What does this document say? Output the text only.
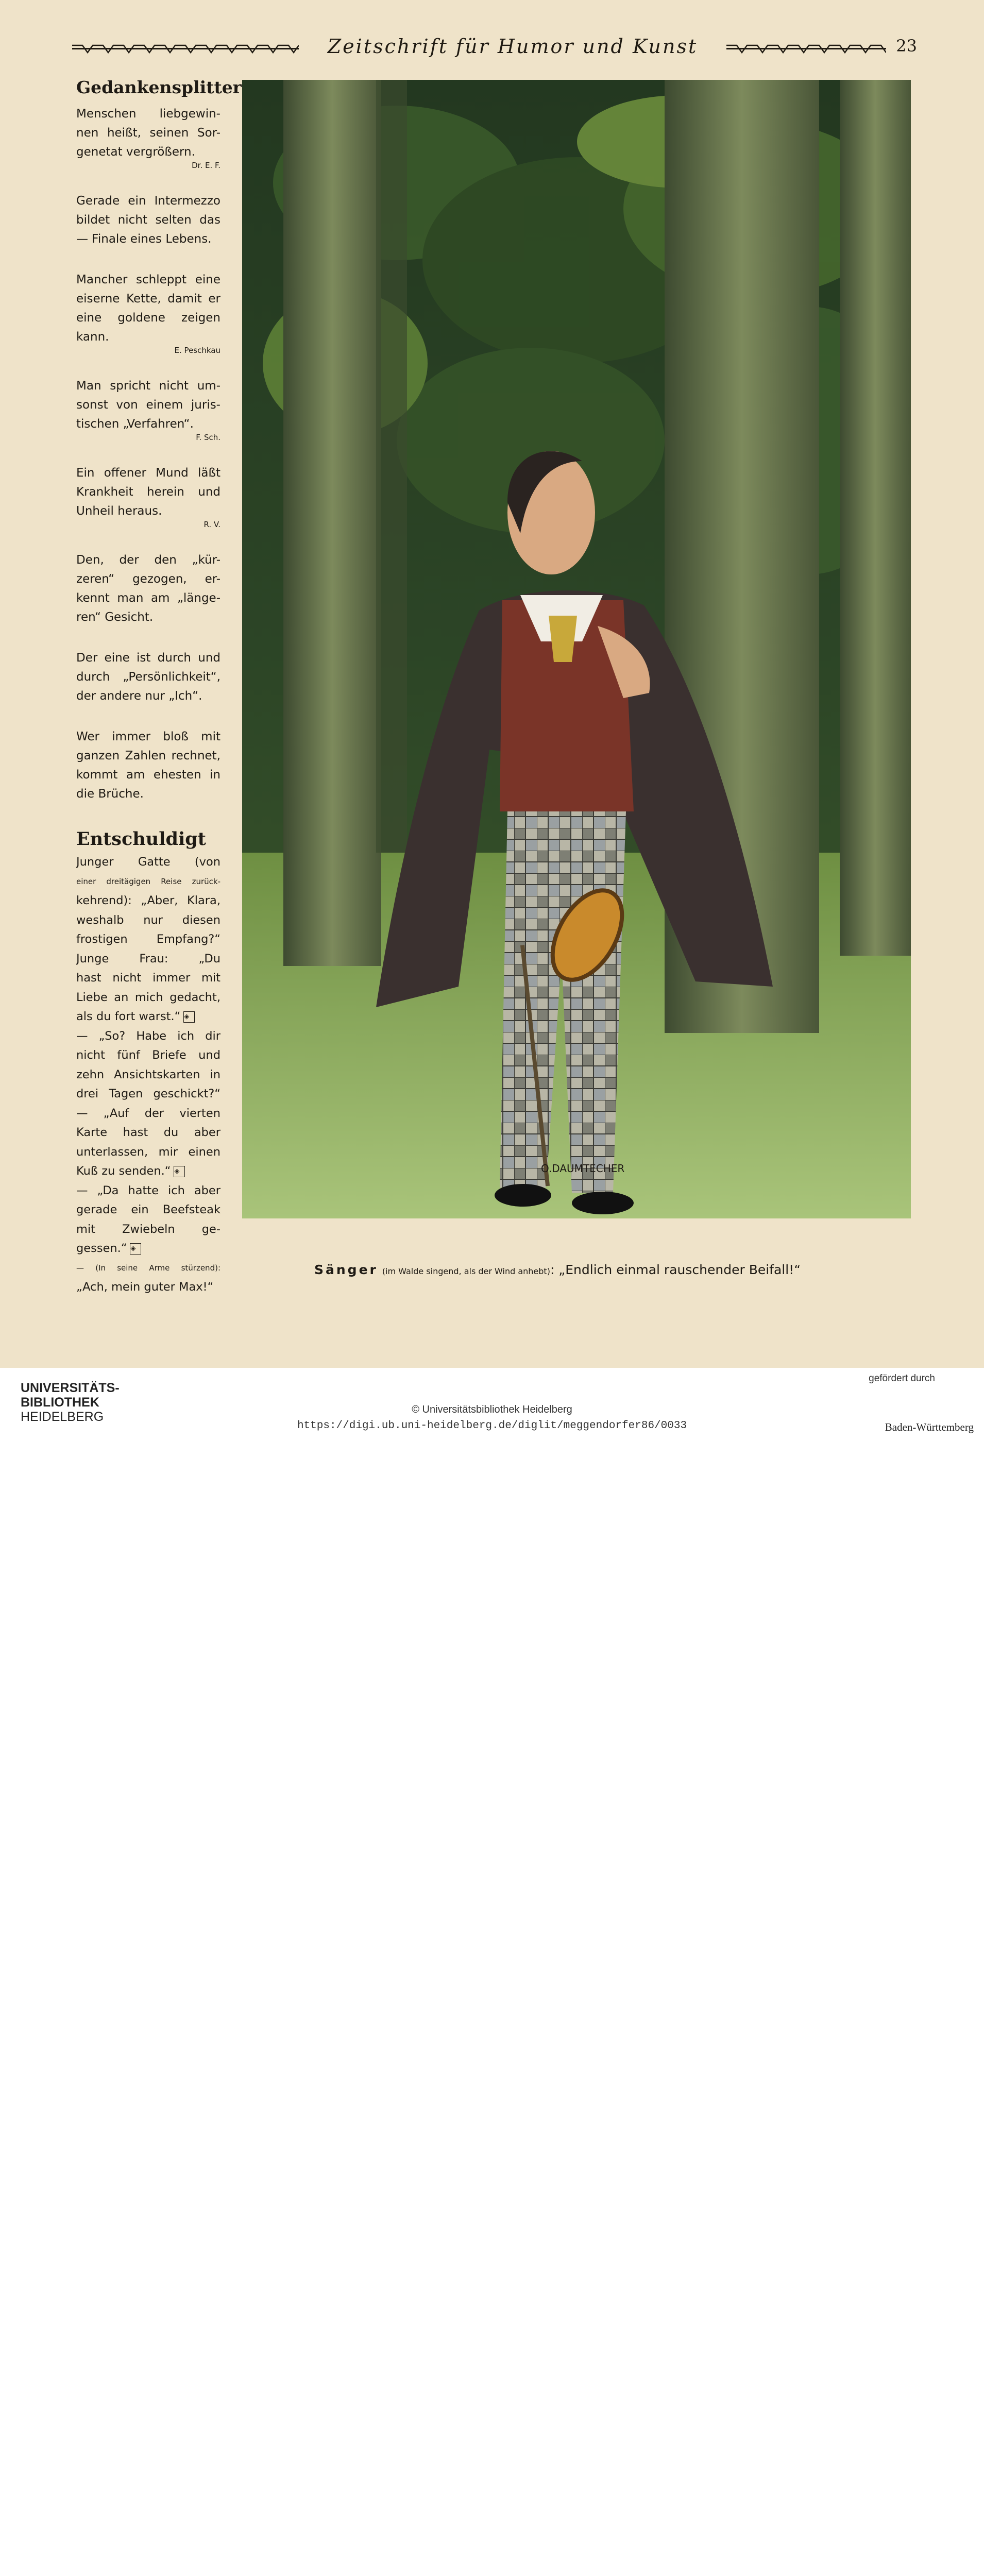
Zeitschrift für Humor und Kunst	23
Gedankensplitter
Menschen liebgewin-
nen heißt, seinen Sor-
genetat vergrößern.
Dr. E. F.
Gerade ein Intermezzo
bildet nicht selten das
— Finale eines Lebens.
Mancher schleppt eine
eiserne Kette, damit er
eine goldene zeigen
kann.
E. Peschkau
Man spricht nicht um-
sonst von einem juris-
tischen „Verfahren“.
F. Sch.
Ein offener Mund läßt
Krankheit herein und
Unheil heraus.
R. V.
Den, der den „kür-
zeren“ gezogen, er-
kennt man am „länge-
ren“ Gesicht.
Der eine ist durch und
durch „Persönlichkeit“,
der andere nur „Ich“.
Wer immer bloß mit
ganzen Zahlen rechnet,
kommt am ehesten in
die Brüche.
Entschuldigt
Junger Gatte (von
einer dreitägigen Reise zurück-
kehrend): „Aber, Klara,
weshalb nur diesen
frostigen Empfang?“
Junge Frau: „Du
hast nicht immer mit
Liebe an mich gedacht,
als du fort warst.“ ◈
— „So? Habe ich dir
nicht fünf Briefe und
zehn Ansichtskarten in
drei Tagen geschickt?“
— „Auf der vierten
Karte hast du aber
unterlassen, mir einen
Kuß zu senden.“ ◈
— „Da hatte ich aber
gerade ein Beefsteak
mit Zwiebeln ge-
gessen.“ ◈
— (In seine Arme stürzend):
„Ach, mein guter Max!“
O.DAUMTECHER
Sänger (im Walde singend, als der Wind anhebt): „Endlich einmal rauschender Beifall!“
UNIVERSITÄTS-
BIBLIOTHEK
HEIDELBERG
gefördert durch
Baden-Württemberg
© Universitätsbibliothek Heidelberg
https://digi.ub.uni-heidelberg.de/diglit/meggendorfer86/0033
